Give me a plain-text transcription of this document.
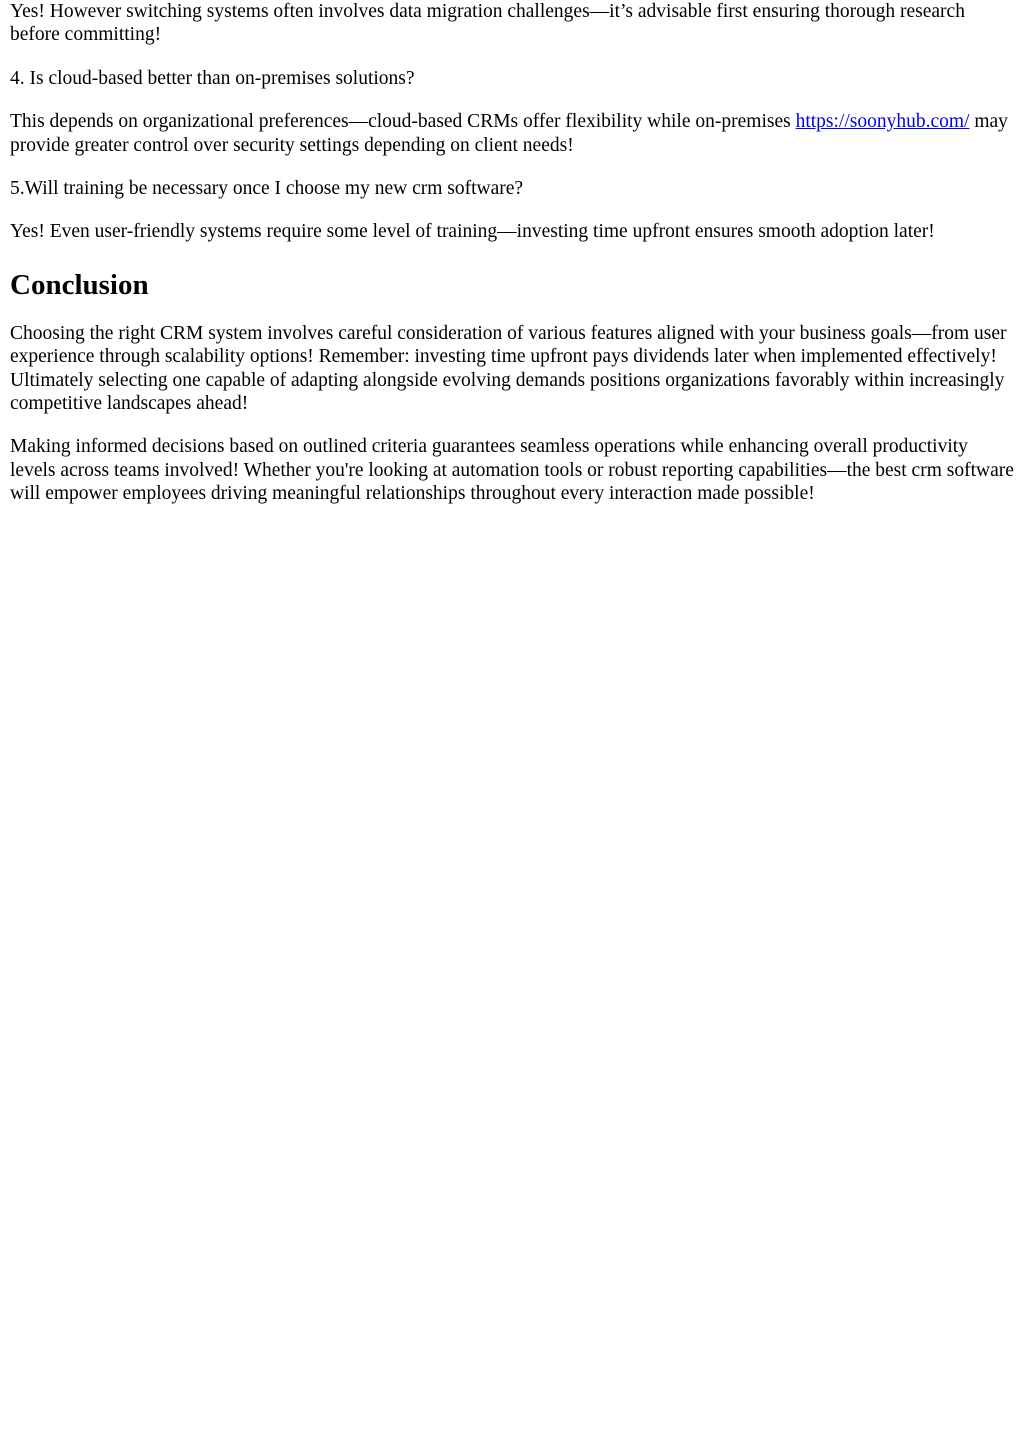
Yes! However switching systems often involves data migration challenges—it’s advisable first ensuring thorough research before committing!

4. Is cloud-based better than on-premises solutions?

This depends on organizational preferences—cloud-based CRMs offer flexibility while on-premises https://soonyhub.com/ may provide greater control over security settings depending on client needs!

5.Will training be necessary once I choose my new crm software?

Yes! Even user-friendly systems require some level of training—investing time upfront ensures smooth adoption later!

Conclusion

Choosing the right CRM system involves careful consideration of various features aligned with your business goals—from user experience through scalability options! Remember: investing time upfront pays dividends later when implemented effectively! Ultimately selecting one capable of adapting alongside evolving demands positions organizations favorably within increasingly competitive landscapes ahead!

Making informed decisions based on outlined criteria guarantees seamless operations while enhancing overall productivity levels across teams involved! Whether you're looking at automation tools or robust reporting capabilities—the best crm software will empower employees driving meaningful relationships throughout every interaction made possible!
